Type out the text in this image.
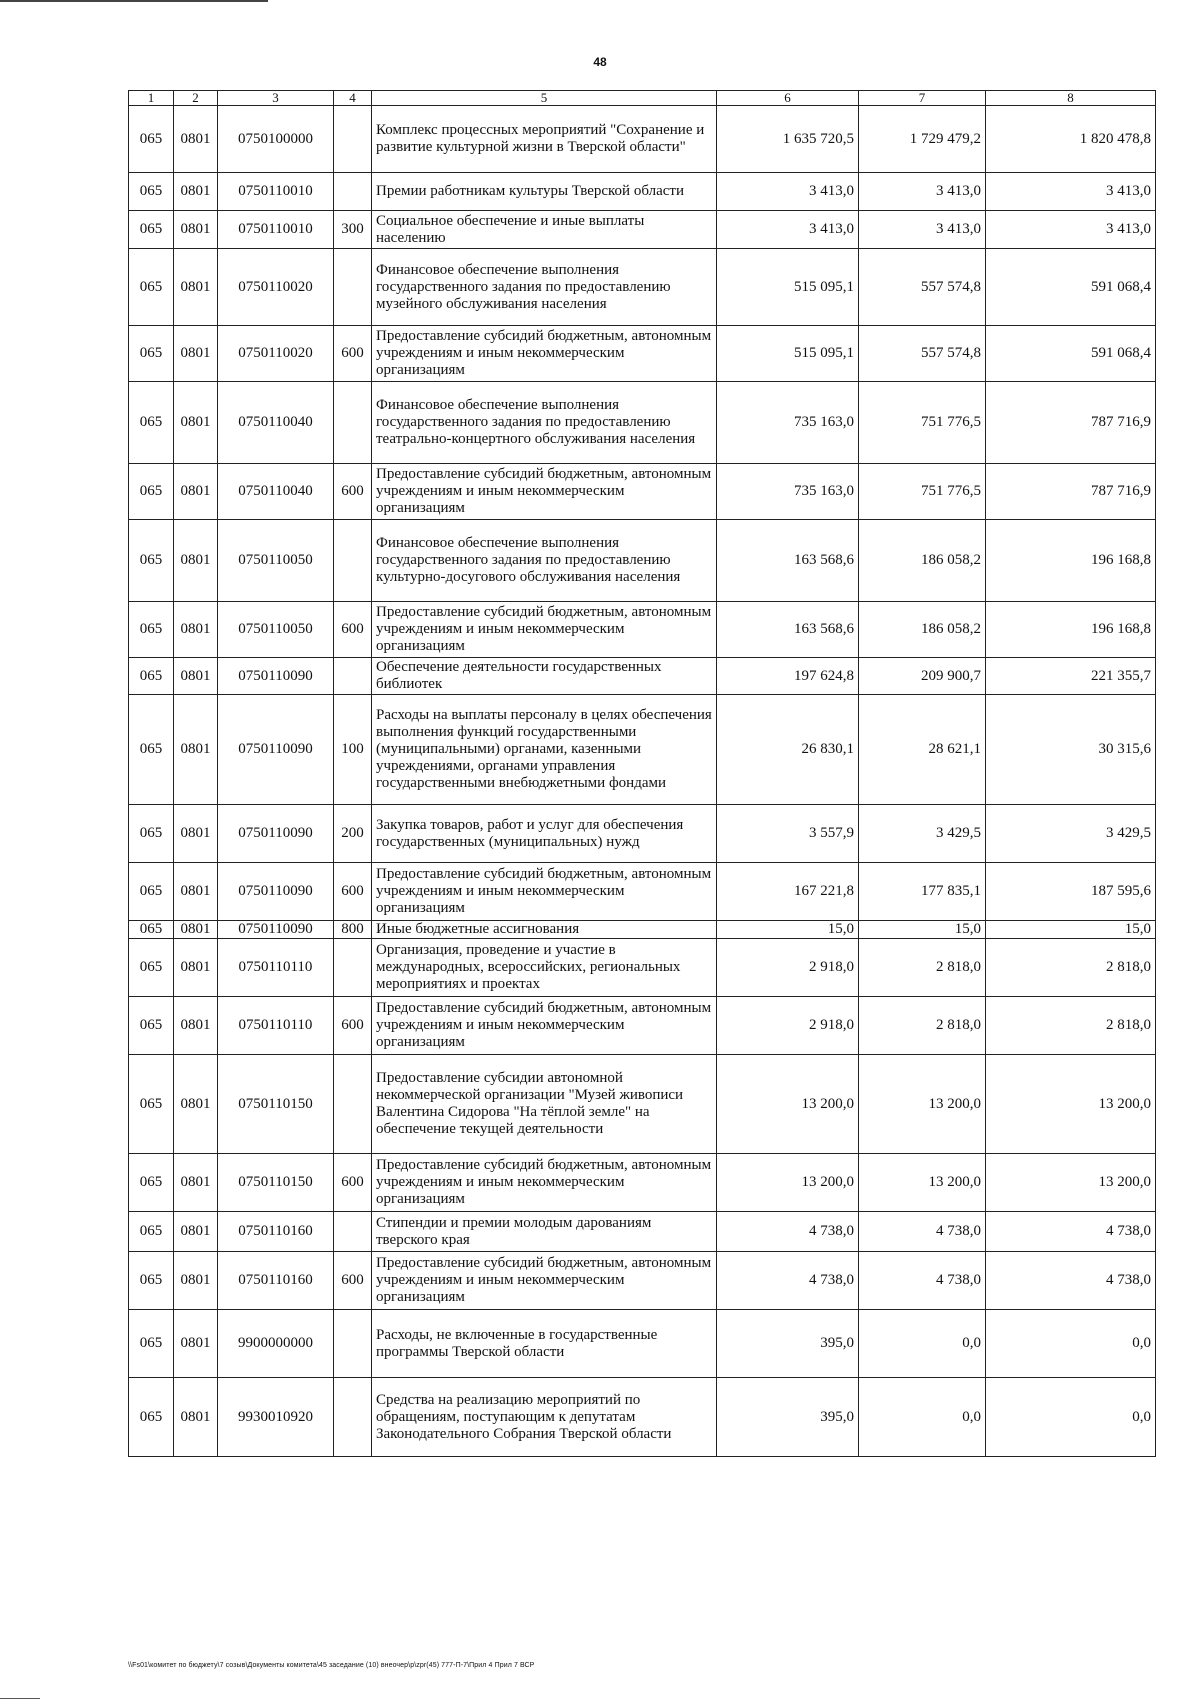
48
1	2	3	4	5	6	7	8
065	0801	0750100000		Комплекс процессных мероприятий "Сохранение и развитие культурной жизни в Тверской области"	1 635 720,5	1 729 479,2	1 820 478,8
065	0801	0750110010		Премии работникам культуры Тверской области	3 413,0	3 413,0	3 413,0
065	0801	0750110010	300	Социальное обеспечение и иные выплаты населению	3 413,0	3 413,0	3 413,0
065	0801	0750110020		Финансовое обеспечение выполнения государственного задания по предоставлению музейного обслуживания населения	515 095,1	557 574,8	591 068,4
065	0801	0750110020	600	Предоставление субсидий бюджетным, автономным учреждениям и иным некоммерческим организациям	515 095,1	557 574,8	591 068,4
065	0801	0750110040		Финансовое обеспечение выполнения государственного задания по предоставлению театрально-концертного обслуживания населения	735 163,0	751 776,5	787 716,9
065	0801	0750110040	600	Предоставление субсидий бюджетным, автономным учреждениям и иным некоммерческим организациям	735 163,0	751 776,5	787 716,9
065	0801	0750110050		Финансовое обеспечение выполнения государственного задания по предоставлению культурно-досугового обслуживания населения	163 568,6	186 058,2	196 168,8
065	0801	0750110050	600	Предоставление субсидий бюджетным, автономным учреждениям и иным некоммерческим организациям	163 568,6	186 058,2	196 168,8
065	0801	0750110090		Обеспечение деятельности государственных библиотек	197 624,8	209 900,7	221 355,7
065	0801	0750110090	100	Расходы на выплаты персоналу в целях обеспечения выполнения функций государственными (муниципальными) органами, казенными учреждениями, органами управления государственными внебюджетными фондами	26 830,1	28 621,1	30 315,6
065	0801	0750110090	200	Закупка товаров, работ и услуг для обеспечения государственных (муниципальных) нужд	3 557,9	3 429,5	3 429,5
065	0801	0750110090	600	Предоставление субсидий бюджетным, автономным учреждениям и иным некоммерческим организациям	167 221,8	177 835,1	187 595,6
065	0801	0750110090	800	Иные бюджетные ассигнования	15,0	15,0	15,0
065	0801	0750110110		Организация, проведение и участие в международных, всероссийских, региональных мероприятиях и проектах	2 918,0	2 818,0	2 818,0
065	0801	0750110110	600	Предоставление субсидий бюджетным, автономным учреждениям и иным некоммерческим организациям	2 918,0	2 818,0	2 818,0
065	0801	0750110150		Предоставление субсидии автономной некоммерческой организации "Музей живописи Валентина Сидорова "На тёплой земле" на обеспечение текущей деятельности	13 200,0	13 200,0	13 200,0
065	0801	0750110150	600	Предоставление субсидий бюджетным, автономным учреждениям и иным некоммерческим организациям	13 200,0	13 200,0	13 200,0
065	0801	0750110160		Стипендии и премии молодым дарованиям тверского края	4 738,0	4 738,0	4 738,0
065	0801	0750110160	600	Предоставление субсидий бюджетным, автономным учреждениям и иным некоммерческим организациям	4 738,0	4 738,0	4 738,0
065	0801	9900000000		Расходы, не включенные в государственные программы Тверской области	395,0	0,0	0,0
065	0801	9930010920		Средства на реализацию мероприятий по обращениям, поступающим к депутатам Законодательного Собрания Тверской области	395,0	0,0	0,0
\\Fs01\комитет по бюджету\7 созыв\Документы комитета\45 заседание (10) внеочер\p\zpr(45) 777-П-7\Прил 4 Прил 7 ВСР
